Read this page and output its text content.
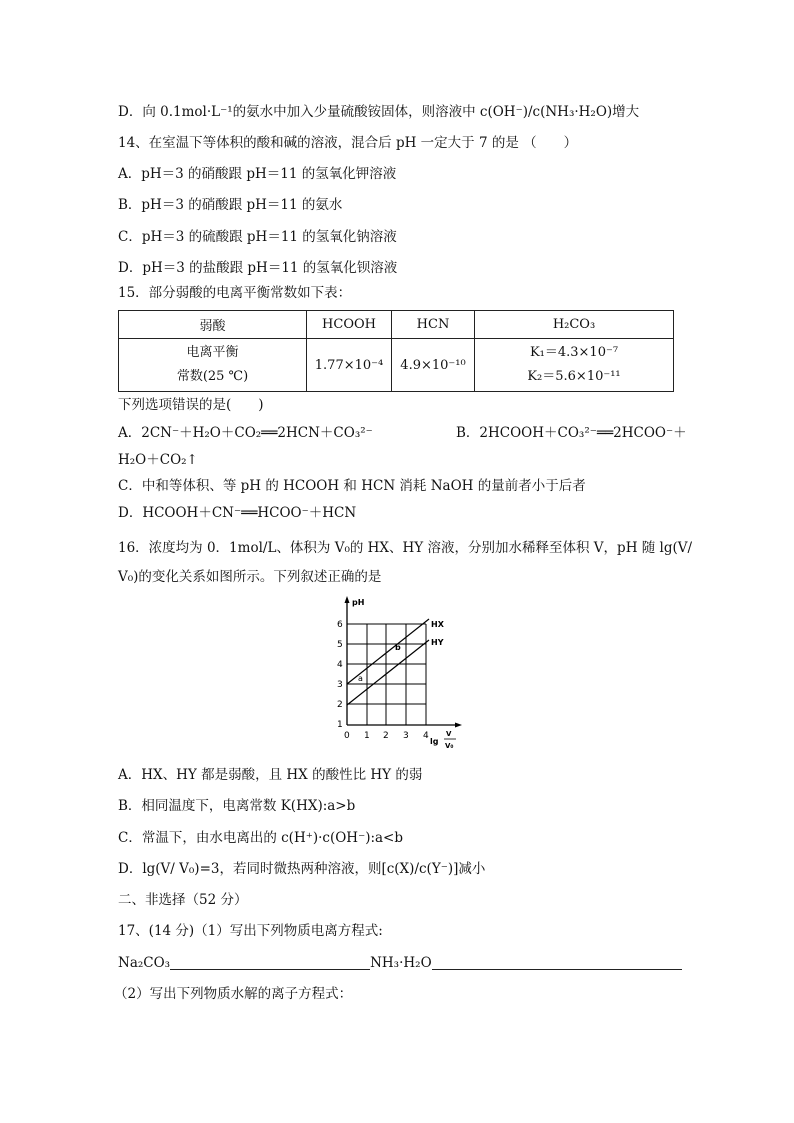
D．向 0.1mol·L⁻¹的氨水中加入少量硫酸铵固体，则溶液中 c(OH⁻)/c(NH₃·H₂O)增大
14、在室温下等体积的酸和碱的溶液，混合后 pH 一定大于 7 的是 （　　）
A．pH＝3 的硝酸跟 pH＝11 的氢氧化钾溶液
B．pH＝3 的硝酸跟 pH＝11 的氨水
C．pH＝3 的硫酸跟 pH＝11 的氢氧化钠溶液
D．pH＝3 的盐酸跟 pH＝11 的氢氧化钡溶液
15．部分弱酸的电离平衡常数如下表：
弱酸	HCOOH	HCN	H₂CO₃

电离平衡
常数(25 ℃)	1.77×10⁻⁴	4.9×10⁻¹⁰	K₁＝4.3×10⁻⁷
K₂＝5.6×10⁻¹¹
下列选项错误的是(　　)
A．2CN⁻＋H₂O＋CO₂══2HCN＋CO₃²⁻	B．2HCOOH＋CO₃²⁻══2HCOO⁻＋
H₂O＋CO₂↑
C．中和等体积、等 pH 的 HCOOH 和 HCN 消耗 NaOH 的量前者小于后者
D．HCOOH＋CN⁻══HCOO⁻＋HCN
16．浓度均为 0．1mol/L、体积为 V₀的 HX、HY 溶液，分别加水稀释至体积 V，pH 随 lg(V/
V₀)的变化关系如图所示。下列叙述正确的是
6
5
4
3
2
1
0 1 2 3 4
pH
lg
V
V₀
HX
HY
a
b
A．HX、HY 都是弱酸，且 HX 的酸性比 HY 的弱
B．相同温度下，电离常数 K(HX):a>b
C．常温下，由水电离出的 c(H⁺)·c(OH⁻):a<b
D．lg(V/ V₀)=3，若同时微热两种溶液，则[c(X)/c(Y⁻)]减小
二、非选择（52 分）
17、(14 分)（1）写出下列物质电离方程式:
Na₂CO₃	NH₃·H₂O
（2）写出下列物质水解的离子方程式：
